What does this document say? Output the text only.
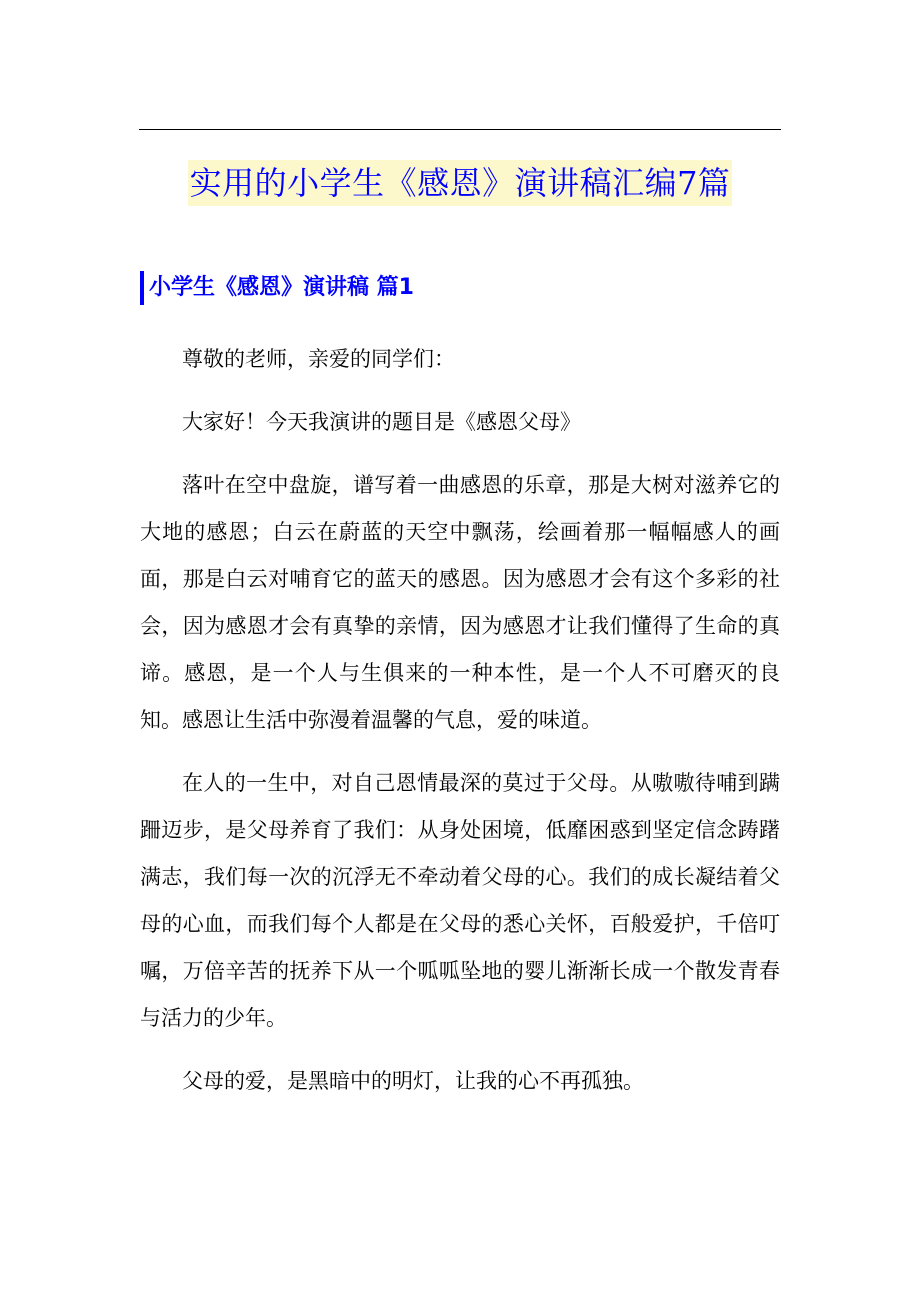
实用的小学生《感恩》演讲稿汇编7篇
小学生《感恩》演讲稿 篇1

尊敬的老师，亲爱的同学们：

大家好！今天我演讲的题目是《感恩父母》

落叶在空中盘旋，谱写着一曲感恩的乐章，那是大树对滋养它的大地的感恩；白云在蔚蓝的天空中飘荡，绘画着那一幅幅感人的画面，那是白云对哺育它的蓝天的感恩。因为感恩才会有这个多彩的社会，因为感恩才会有真挚的亲情，因为感恩才让我们懂得了生命的真谛。感恩，是一个人与生俱来的一种本性，是一个人不可磨灭的良知。感恩让生活中弥漫着温馨的气息，爱的味道。

在人的一生中，对自己恩情最深的莫过于父母。从嗷嗷待哺到蹒跚迈步，是父母养育了我们：从身处困境，低靡困惑到坚定信念踌躇满志，我们每一次的沉浮无不牵动着父母的心。我们的成长凝结着父母的心血，而我们每个人都是在父母的悉心关怀，百般爱护，千倍叮嘱，万倍辛苦的抚养下从一个呱呱坠地的婴儿渐渐长成一个散发青春与活力的少年。

父母的爱，是黑暗中的明灯，让我的心不再孤独。
